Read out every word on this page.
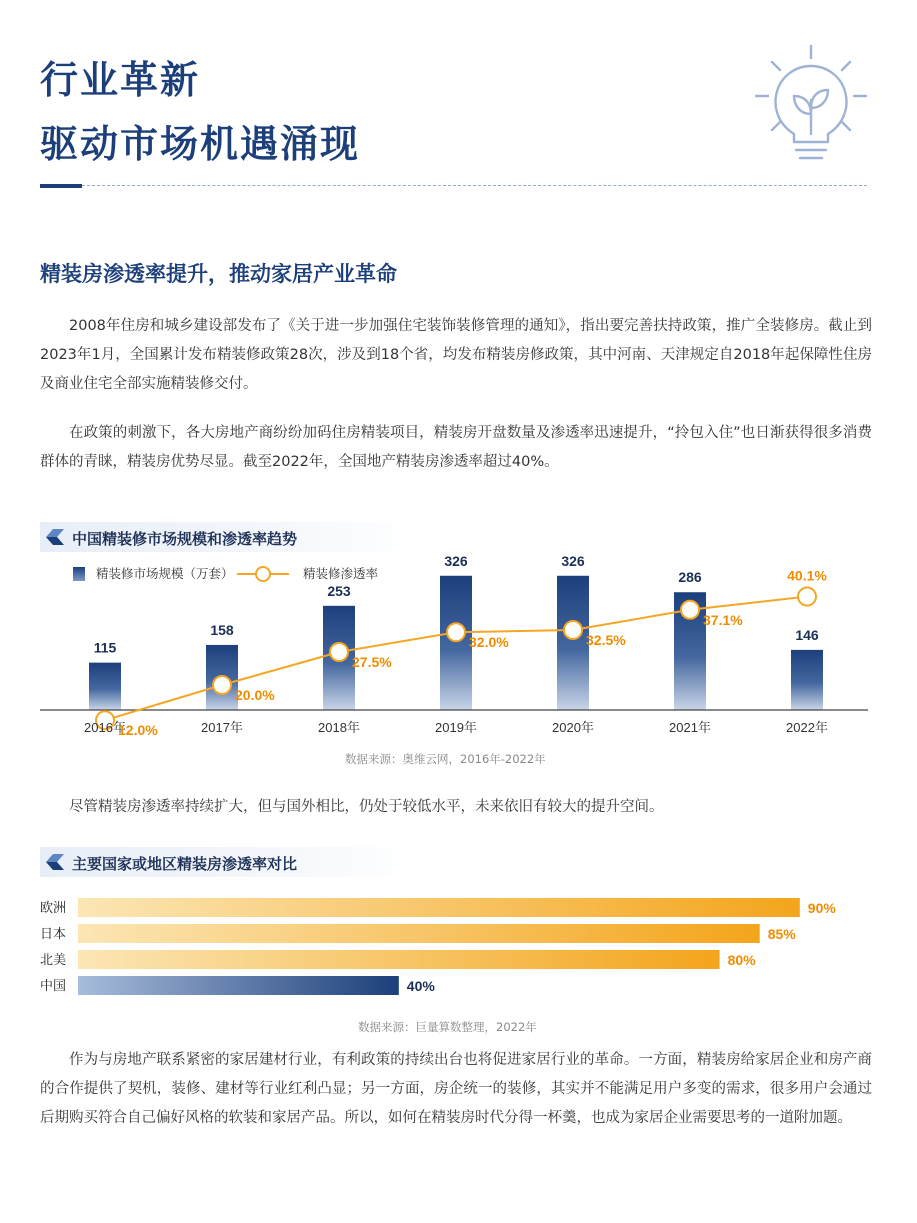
行业革新
驱动市场机遇涌现
精装房渗透率提升，推动家居产业革命

2008年住房和城乡建设部发布了《关于进一步加强住宅装饰装修管理的通知》，指出要完善扶持政策，推广全装修房。截止到2023年1月，全国累计发布精装修政策28次，涉及到18个省，均发布精装房修政策，其中河南、天津规定自2018年起保障性住房及商业住宅全部实施精装修交付。

在政策的刺激下，各大房地产商纷纷加码住房精装项目，精装房开盘数量及渗透率迅速提升，“拎包入住”也日渐获得很多消费群体的青睐，精装房优势尽显。截至2022年，全国地产精装房渗透率超过40%。

中国精装修市场规模和渗透率趋势
精装修市场规模（万套）	精装修渗透率
115
2016年
12.0%
158
2017年
20.0%
253
2018年
27.5%
326
2019年
32.0%
326
2020年
32.5%
286
2021年
37.1%
146
2022年
40.1%
数据来源：奥维云网，2016年-2022年

尽管精装房渗透率持续扩大，但与国外相比，仍处于较低水平，未来依旧有较大的提升空间。

主要国家或地区精装房渗透率对比
欧洲	90%
日本	85%
北美	80%
中国	40%
数据来源：巨量算数整理，2022年

作为与房地产联系紧密的家居建材行业，有利政策的持续出台也将促进家居行业的革命。一方面，精装房给家居企业和房产商的合作提供了契机，装修、建材等行业红利凸显；另一方面，房企统一的装修，其实并不能满足用户多变的需求，很多用户会通过后期购买符合自己偏好风格的软装和家居产品。所以，如何在精装房时代分得一杯羹，也成为家居企业需要思考的一道附加题。
